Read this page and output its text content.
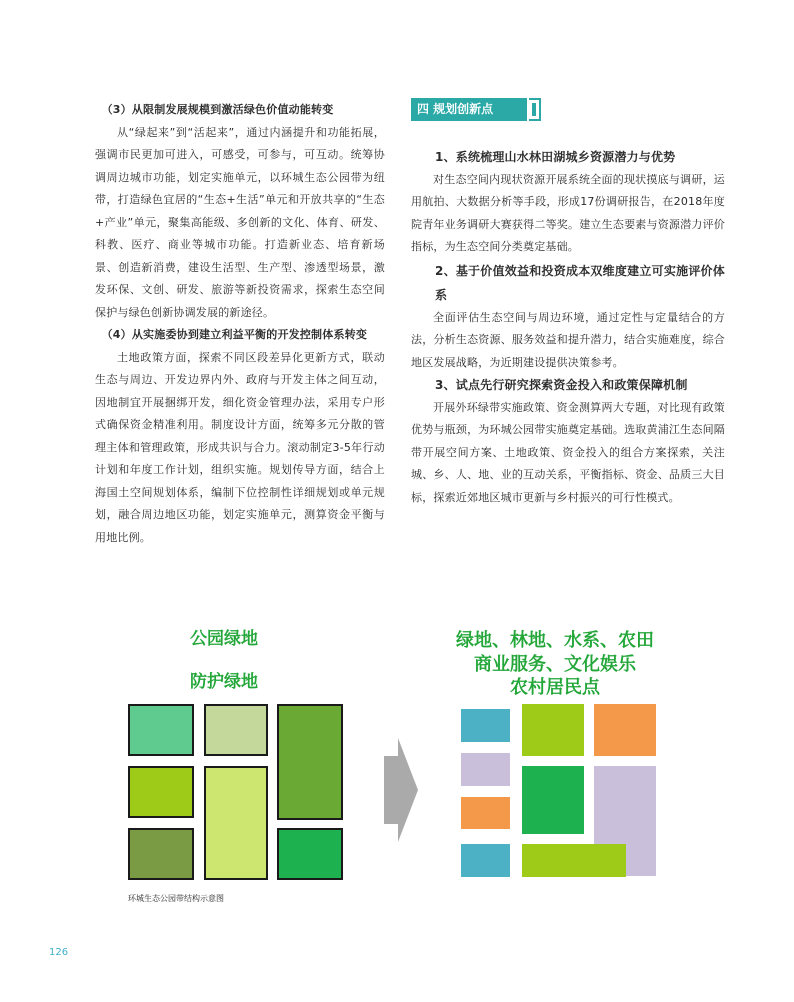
（3）从限制发展规模到激活绿色价值动能转变

从“绿起来”到“活起来”，通过内涵提升和功能拓展，强调市民更加可进入，可感受，可参与，可互动。统筹协调周边城市功能，划定实施单元，以环城生态公园带为纽带，打造绿色宜居的“生态+生活”单元和开放共享的“生态+产业”单元，聚集高能级、多创新的文化、体育、研发、科教、医疗、商业等城市功能。打造新业态、培育新场景、创造新消费，建设生活型、生产型、渗透型场景，激发环保、文创、研发、旅游等新投资需求，探索生态空间保护与绿色创新协调发展的新途径。

（4）从实施委协到建立利益平衡的开发控制体系转变

土地政策方面，探索不同区段差异化更新方式，联动生态与周边、开发边界内外、政府与开发主体之间互动，因地制宜开展捆绑开发，细化资金管理办法，采用专户形式确保资金精准利用。制度设计方面，统筹多元分散的管理主体和管理政策，形成共识与合力。滚动制定3-5年行动计划和年度工作计划，组织实施。规划传导方面，结合上海国土空间规划体系，编制下位控制性详细规划或单元规划，融合周边地区功能，划定实施单元，测算资金平衡与用地比例。

四 规划创新点

1、系统梳理山水林田湖城乡资源潜力与优势

对生态空间内现状资源开展系统全面的现状摸底与调研，运用航拍、大数据分析等手段，形成17份调研报告，在2018年度院青年业务调研大赛获得二等奖。建立生态要素与资源潜力评价指标，为生态空间分类奠定基础。

2、基于价值效益和投资成本双维度建立可实施评价体系

全面评估生态空间与周边环境，通过定性与定量结合的方法，分析生态资源、服务效益和提升潜力，结合实施难度，综合地区发展战略，为近期建设提供决策参考。

3、试点先行研究探索资金投入和政策保障机制

开展外环绿带实施政策、资金测算两大专题，对比现有政策优势与瓶颈，为环城公园带实施奠定基础。选取黄浦江生态间隔带开展空间方案、土地政策、资金投入的组合方案探索，关注城、乡、人、地、业的互动关系，平衡指标、资金、品质三大目标，探索近郊地区城市更新与乡村振兴的可行性模式。

公园绿地
防护绿地
绿地、林地、水系、农田
商业服务、文化娱乐
农村居民点
环城生态公园带结构示意图
126
